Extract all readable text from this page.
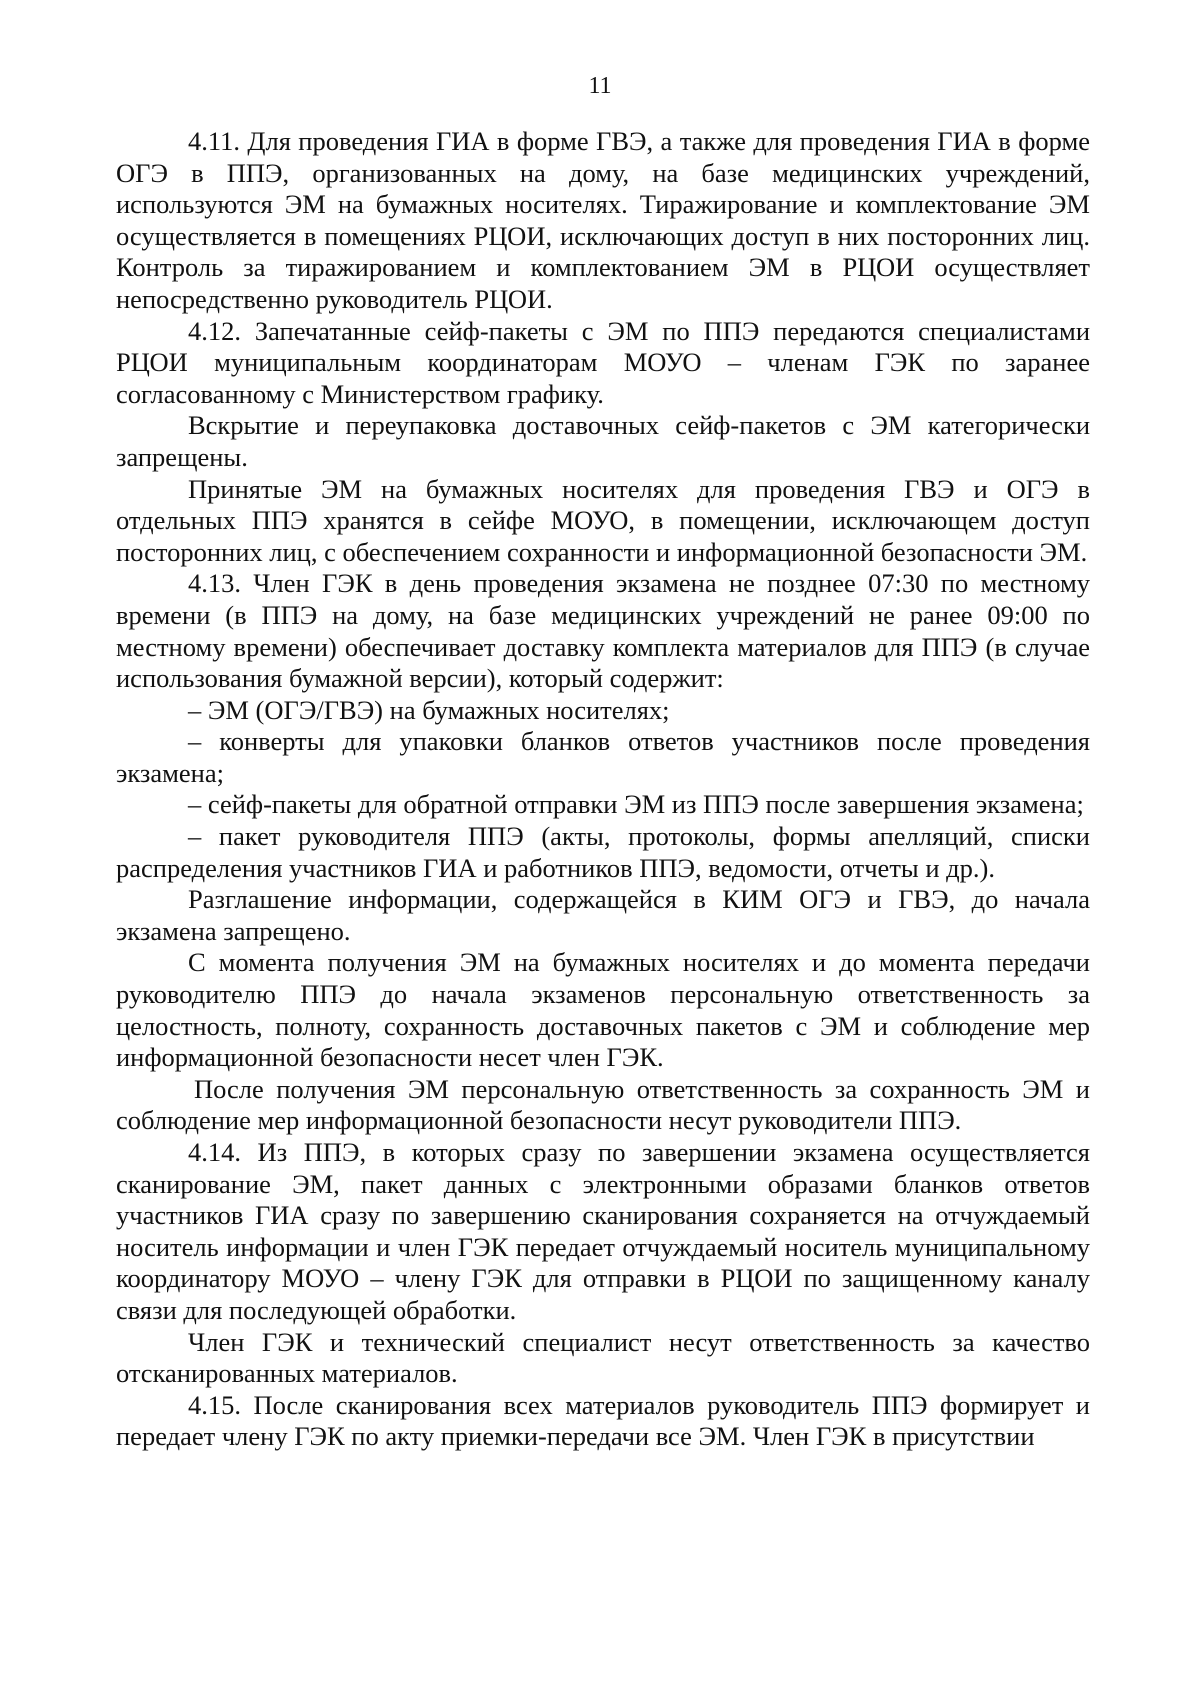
11

4.11. Для проведения ГИА в форме ГВЭ, а также для проведения ГИА в форме ОГЭ в ППЭ, организованных на дому, на базе медицинских учреждений, используются ЭМ на бумажных носителях. Тиражирование и комплектование ЭМ осуществляется в помещениях РЦОИ, исключающих доступ в них посторонних лиц. Контроль за тиражированием и комплектованием ЭМ в РЦОИ осуществляет непосредственно руководитель РЦОИ.

4.12. Запечатанные сейф-пакеты с ЭМ по ППЭ передаются специалистами РЦОИ муниципальным координаторам МОУО – членам ГЭК по заранее согласованному с Министерством графику.

Вскрытие и переупаковка доставочных сейф-пакетов с ЭМ категорически запрещены.

Принятые ЭМ на бумажных носителях для проведения ГВЭ и ОГЭ в отдельных ППЭ хранятся в сейфе МОУО, в помещении, исключающем доступ посторонних лиц, с обеспечением сохранности и информационной безопасности ЭМ.

4.13. Член ГЭК в день проведения экзамена не позднее 07:30 по местному времени (в ППЭ на дому, на базе медицинских учреждений не ранее 09:00 по местному времени) обеспечивает доставку комплекта материалов для ППЭ (в случае использования бумажной версии), который содержит:

– ЭМ (ОГЭ/ГВЭ) на бумажных носителях;

– конверты для упаковки бланков ответов участников после проведения экзамена;

– сейф-пакеты для обратной отправки ЭМ из ППЭ после завершения экзамена;

– пакет руководителя ППЭ (акты, протоколы, формы апелляций, списки распределения участников ГИА и работников ППЭ, ведомости, отчеты и др.).

Разглашение информации, содержащейся в КИМ ОГЭ и ГВЭ, до начала экзамена запрещено.

С момента получения ЭМ на бумажных носителях и до момента передачи руководителю ППЭ до начала экзаменов персональную ответственность за целостность, полноту, сохранность доставочных пакетов с ЭМ и соблюдение мер информационной безопасности несет член ГЭК.

После получения ЭМ персональную ответственность за сохранность ЭМ и соблюдение мер информационной безопасности несут руководители ППЭ.

4.14. Из ППЭ, в которых сразу по завершении экзамена осуществляется сканирование ЭМ, пакет данных с электронными образами бланков ответов участников ГИА сразу по завершению сканирования сохраняется на отчуждаемый носитель информации и член ГЭК передает отчуждаемый носитель муниципальному координатору МОУО – члену ГЭК для отправки в РЦОИ по защищенному каналу связи для последующей обработки.

Член ГЭК и технический специалист несут ответственность за качество отсканированных материалов.

4.15. После сканирования всех материалов руководитель ППЭ формирует и передает члену ГЭК по акту приемки-передачи все ЭМ. Член ГЭК в присутствии
